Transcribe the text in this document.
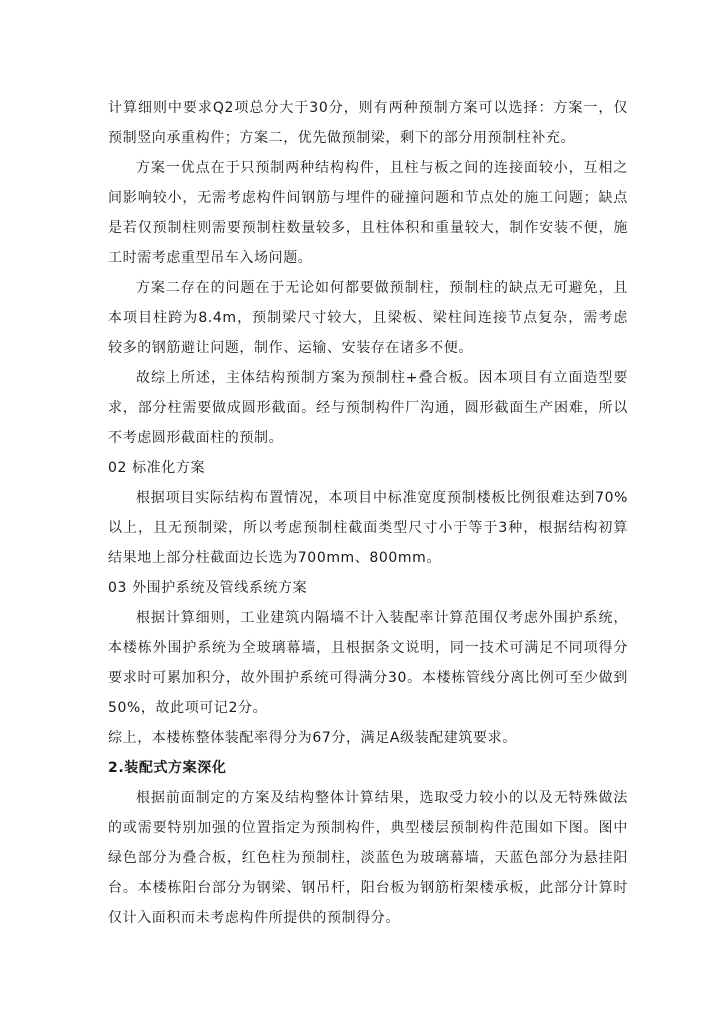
计算细则中要求Q2项总分大于30分，则有两种预制方案可以选择：方案一，仅预制竖向承重构件；方案二，优先做预制梁，剩下的部分用预制柱补充。

方案一优点在于只预制两种结构构件，且柱与板之间的连接面较小，互相之间影响较小，无需考虑构件间钢筋与埋件的碰撞问题和节点处的施工问题；缺点是若仅预制柱则需要预制柱数量较多，且柱体积和重量较大，制作安装不便，施工时需考虑重型吊车入场问题。

方案二存在的问题在于无论如何都要做预制柱，预制柱的缺点无可避免，且本项目柱跨为8.4m，预制梁尺寸较大，且梁板、梁柱间连接节点复杂，需考虑较多的钢筋避让问题，制作、运输、安装存在诸多不便。

故综上所述，主体结构预制方案为预制柱+叠合板。因本项目有立面造型要求，部分柱需要做成圆形截面。经与预制构件厂沟通，圆形截面生产困难，所以不考虑圆形截面柱的预制。

02 标准化方案

根据项目实际结构布置情况，本项目中标准宽度预制楼板比例很难达到70%以上，且无预制梁，所以考虑预制柱截面类型尺寸小于等于3种，根据结构初算结果地上部分柱截面边长选为700mm、800mm。

03 外围护系统及管线系统方案

根据计算细则，工业建筑内隔墙不计入装配率计算范围仅考虑外围护系统，本楼栋外围护系统为全玻璃幕墙，且根据条文说明，同一技术可满足不同项得分要求时可累加积分，故外围护系统可得满分30。本楼栋管线分离比例可至少做到50%，故此项可记2分。

综上，本楼栋整体装配率得分为67分，满足A级装配建筑要求。

2.装配式方案深化

根据前面制定的方案及结构整体计算结果，选取受力较小的以及无特殊做法的或需要特别加强的位置指定为预制构件，典型楼层预制构件范围如下图。图中绿色部分为叠合板，红色柱为预制柱，淡蓝色为玻璃幕墙，天蓝色部分为悬挂阳台。本楼栋阳台部分为钢梁、钢吊杆，阳台板为钢筋桁架楼承板，此部分计算时仅计入面积而未考虑构件所提供的预制得分。
